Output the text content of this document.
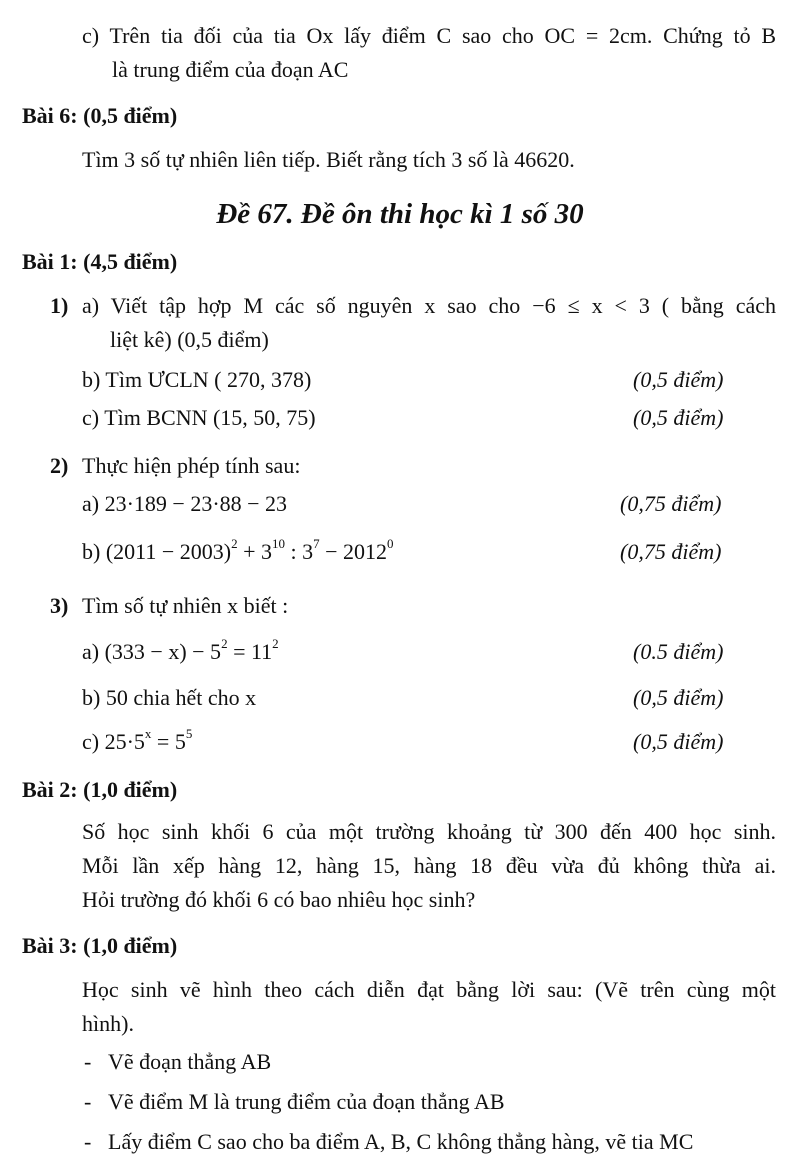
c) Trên tia đối của tia Ox lấy điểm C sao cho OC = 2cm. Chứng tỏ B
là trung điểm của đoạn AC
Bài 6: (0,5 điểm)
Tìm 3 số tự nhiên liên tiếp. Biết rằng tích 3 số là 46620.
Đề 67. Đề ôn thi học kì 1 số 30
Bài 1: (4,5 điểm)
1) a) Viết tập hợp M các số nguyên x sao cho −6 ≤ x < 3 ( bằng cách
liệt kê) (0,5 điểm)
b) Tìm ƯCLN ( 270, 378)	(0,5 điểm)
c) Tìm BCNN (15, 50, 75)	(0,5 điểm)
2) Thực hiện phép tính sau:
a) 23·189 − 23·88 − 23	(0,75 điểm)
b) $(2011 - 2003)^2 + 3^{10}$ : $3^7 - 2012^0$	(0,75 điểm)
3) Tìm số tự nhiên x biết :
a) $(333 - x) - 5^2 = 11^2$	(0.5 điểm)
b) 50 chia hết cho x	(0,5 điểm)
c) $25\cdot 5^x = 5^5$	(0,5 điểm)
Bài 2: (1,0 điểm)
Số học sinh khối 6 của một trường khoảng từ 300 đến 400 học sinh.
Mỗi lần xếp hàng 12, hàng 15, hàng 18 đều vừa đủ không thừa ai.
Hỏi trường đó khối 6 có bao nhiêu học sinh?
Bài 3: (1,0 điểm)
Học sinh vẽ hình theo cách diễn đạt bằng lời sau: (Vẽ trên cùng một
hình).
- Vẽ đoạn thẳng AB
- Vẽ điểm M là trung điểm của đoạn thẳng AB
- Lấy điểm C sao cho ba điểm A, B, C không thẳng hàng, vẽ tia MC
